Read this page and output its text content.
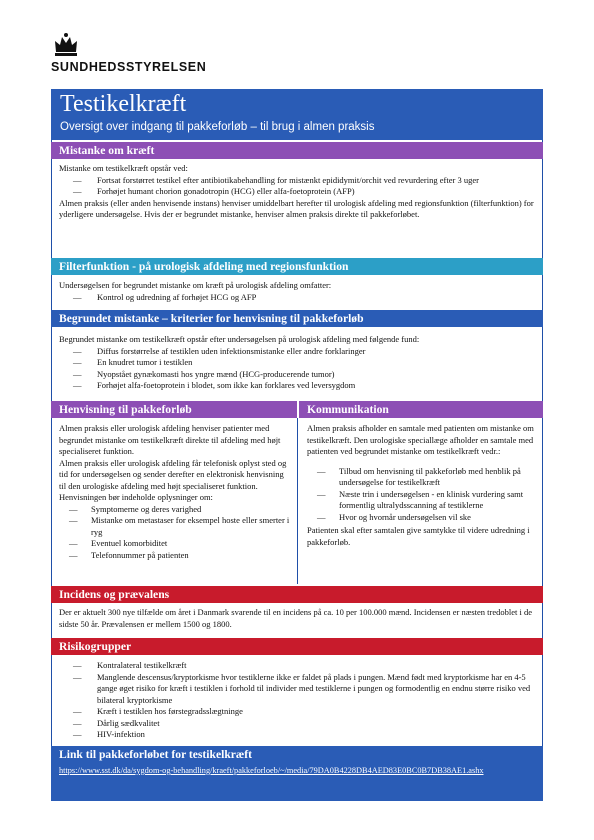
SUNDHEDSSTYRELSEN
Testikelkræft
Oversigt over indgang til pakkeforløb – til brug i almen praksis
Mistanke om kræft

Mistanke om testikelkræft opstår ved:

— Fortsat forstørret testikel efter antibiotikabehandling for mistænkt epididymit/orchit ved revurdering efter 3 uger
— Forhøjet humant chorion gonadotropin (HCG) eller alfa-foetoprotein (AFP)

Almen praksis (eller anden henvisende instans) henviser umiddelbart herefter til urologisk afdeling med regionsfunktion (filterfunktion) for yderligere undersøgelse. Hvis der er begrundet mistanke, henviser almen praksis direkte til pakkeforløbet.

Filterfunktion - på urologisk afdeling med regionsfunktion

Undersøgelsen for begrundet mistanke om kræft på urologisk afdeling omfatter:

— Kontrol og udredning af forhøjet HCG og AFP
Begrundet mistanke – kriterier for henvisning til pakkeforløb

Begrundet mistanke om testikelkræft opstår efter undersøgelsen på urologisk afdeling med følgende fund:

— Diffus forstørrelse af testiklen uden infektionsmistanke eller andre forklaringer
— En knudret tumor i testiklen
— Nyopstået gynækomasti hos yngre mænd (HCG-producerende tumor)
— Forhøjet alfa-foetoprotein i blodet, som ikke kan forklares ved leversygdom
Henvisning til pakkeforløb	Kommunikation

Almen praksis eller urologisk afdeling henviser patienter med begrundet mistanke om testikelkræft direkte til afdeling med højt specialiseret funktion.

Almen praksis eller urologisk afdeling får telefonisk oplyst sted og tid for undersøgelsen og sender derefter en elektronisk henvisning til den urologiske afdeling med højt specialiseret funktion.

Henvisningen bør indeholde oplysninger om:

— Symptomerne og deres varighed
— Mistanke om metastaser for eksempel hoste eller smerter i ryg
— Eventuel komorbiditet
— Telefonnummer på patienten

Almen praksis afholder en samtale med patienten om mistanke om testikelkræft. Den urologiske speciallæge afholder en samtale med patienten ved begrundet mistanke om testikelkræft vedr.:

— Tilbud om henvisning til pakkeforløb med henblik på undersøgelse for testikelkræft
— Næste trin i undersøgelsen - en klinisk vurdering samt formentlig ultralydsscanning af testiklerne
— Hvor og hvornår undersøgelsen vil ske

Patienten skal efter samtalen give samtykke til videre udredning i pakkeforløb.

Incidens og prævalens

Der er aktuelt 300 nye tilfælde om året i Danmark svarende til en incidens på ca. 10 per 100.000 mænd. Incidensen er næsten tredoblet i de sidste 50 år. Prævalensen er mellem 1500 og 1800.

Risikogrupper
— Kontralateral testikelkræft
— Manglende descensus/kryptorkisme hvor testiklerne ikke er faldet på plads i pungen. Mænd født med kryptorkisme har en 4-5 gange øget risiko for kræft i testiklen i forhold til individer med testiklerne i pungen og formodentlig en endnu større risiko ved bilateral kryptorkisme
— Kræft i testiklen hos førstegradsslægtninge
— Dårlig sædkvalitet
— HIV-infektion
Link til pakkeforløbet for testikelkræft
https://www.sst.dk/da/sygdom-og-behandling/kraeft/pakkeforloeb/~/media/79DA0B4228DB4AED83E0BC0B7DB38AE1.ashx
